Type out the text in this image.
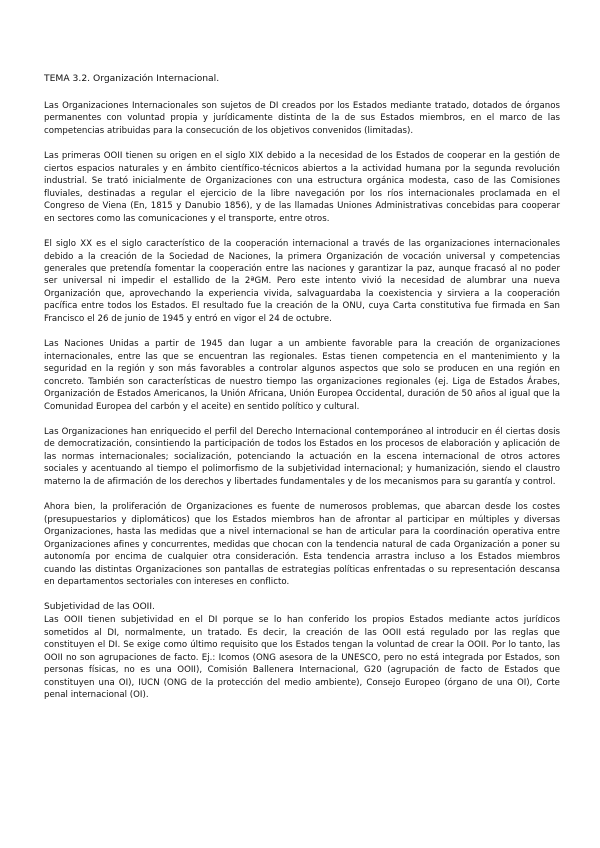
TEMA 3.2. Organización Internacional.

Las Organizaciones Internacionales son sujetos de DI creados por los Estados mediante tratado, dotados de órganos permanentes con voluntad propia y jurídicamente distinta de la de sus Estados miembros, en el marco de las competencias atribuidas para la consecución de los objetivos convenidos (limitadas).

Las primeras OOII tienen su origen en el siglo XIX debido a la necesidad de los Estados de cooperar en la gestión de ciertos espacios naturales y en ámbito científico-técnicos abiertos a la actividad humana por la segunda revolución industrial. Se trató inicialmente de Organizaciones con una estructura orgánica modesta, caso de las Comisiones fluviales, destinadas a regular el ejercicio de la libre navegación por los ríos internacionales proclamada en el Congreso de Viena (En, 1815 y Danubio 1856), y de las llamadas Uniones Administrativas concebidas para cooperar en sectores como las comunicaciones y el transporte, entre otros.

El siglo XX es el siglo característico de la cooperación internacional a través de las organizaciones internacionales debido a la creación de la Sociedad de Naciones, la primera Organización de vocación universal y competencias generales que pretendía fomentar la cooperación entre las naciones y garantizar la paz, aunque fracasó al no poder ser universal ni impedir el estallido de la 2ªGM. Pero este intento vivió la necesidad de alumbrar una nueva Organización que, aprovechando la experiencia vivida, salvaguardaba la coexistencia y sirviera a la cooperación pacífica entre todos los Estados. El resultado fue la creación de la ONU, cuya Carta constitutiva fue firmada en San Francisco el 26 de junio de 1945 y entró en vigor el 24 de octubre.

Las Naciones Unidas a partir de 1945 dan lugar a un ambiente favorable para la creación de organizaciones internacionales, entre las que se encuentran las regionales. Estas tienen competencia en el mantenimiento y la seguridad en la región y son más favorables a controlar algunos aspectos que solo se producen en una región en concreto. También son características de nuestro tiempo las organizaciones regionales (ej. Liga de Estados Árabes, Organización de Estados Americanos, la Unión Africana, Unión Europea Occidental, duración de 50 años al igual que la Comunidad Europea del carbón y el aceite) en sentido político y cultural.

Las Organizaciones han enriquecido el perfil del Derecho Internacional contemporáneo al introducir en él ciertas dosis de democratización, consintiendo la participación de todos los Estados en los procesos de elaboración y aplicación de las normas internacionales; socialización, potenciando la actuación en la escena internacional de otros actores sociales y acentuando al tiempo el polimorfismo de la subjetividad internacional; y humanización, siendo el claustro materno la de afirmación de los derechos y libertades fundamentales y de los mecanismos para su garantía y control.

Ahora bien, la proliferación de Organizaciones es fuente de numerosos problemas, que abarcan desde los costes (presupuestarios y diplomáticos) que los Estados miembros han de afrontar al participar en múltiples y diversas Organizaciones, hasta las medidas que a nivel internacional se han de articular para la coordinación operativa entre Organizaciones afines y concurrentes, medidas que chocan con la tendencia natural de cada Organización a poner su autonomía por encima de cualquier otra consideración. Esta tendencia arrastra incluso a los Estados miembros cuando las distintas Organizaciones son pantallas de estrategias políticas enfrentadas o su representación descansa en departamentos sectoriales con intereses en conflicto.

Subjetividad de las OOII.

Las OOII tienen subjetividad en el DI porque se lo han conferido los propios Estados mediante actos jurídicos sometidos al DI, normalmente, un tratado. Es decir, la creación de las OOII está regulado por las reglas que constituyen el DI. Se exige como último requisito que los Estados tengan la voluntad de crear la OOII. Por lo tanto, las OOII no son agrupaciones de facto. Ej.: Icomos (ONG asesora de la UNESCO, pero no está integrada por Estados, son personas físicas, no es una OOII), Comisión Ballenera Internacional, G20 (agrupación de facto de Estados que constituyen una OI), IUCN (ONG de la protección del medio ambiente), Consejo Europeo (órgano de una OI), Corte penal internacional (OI).
